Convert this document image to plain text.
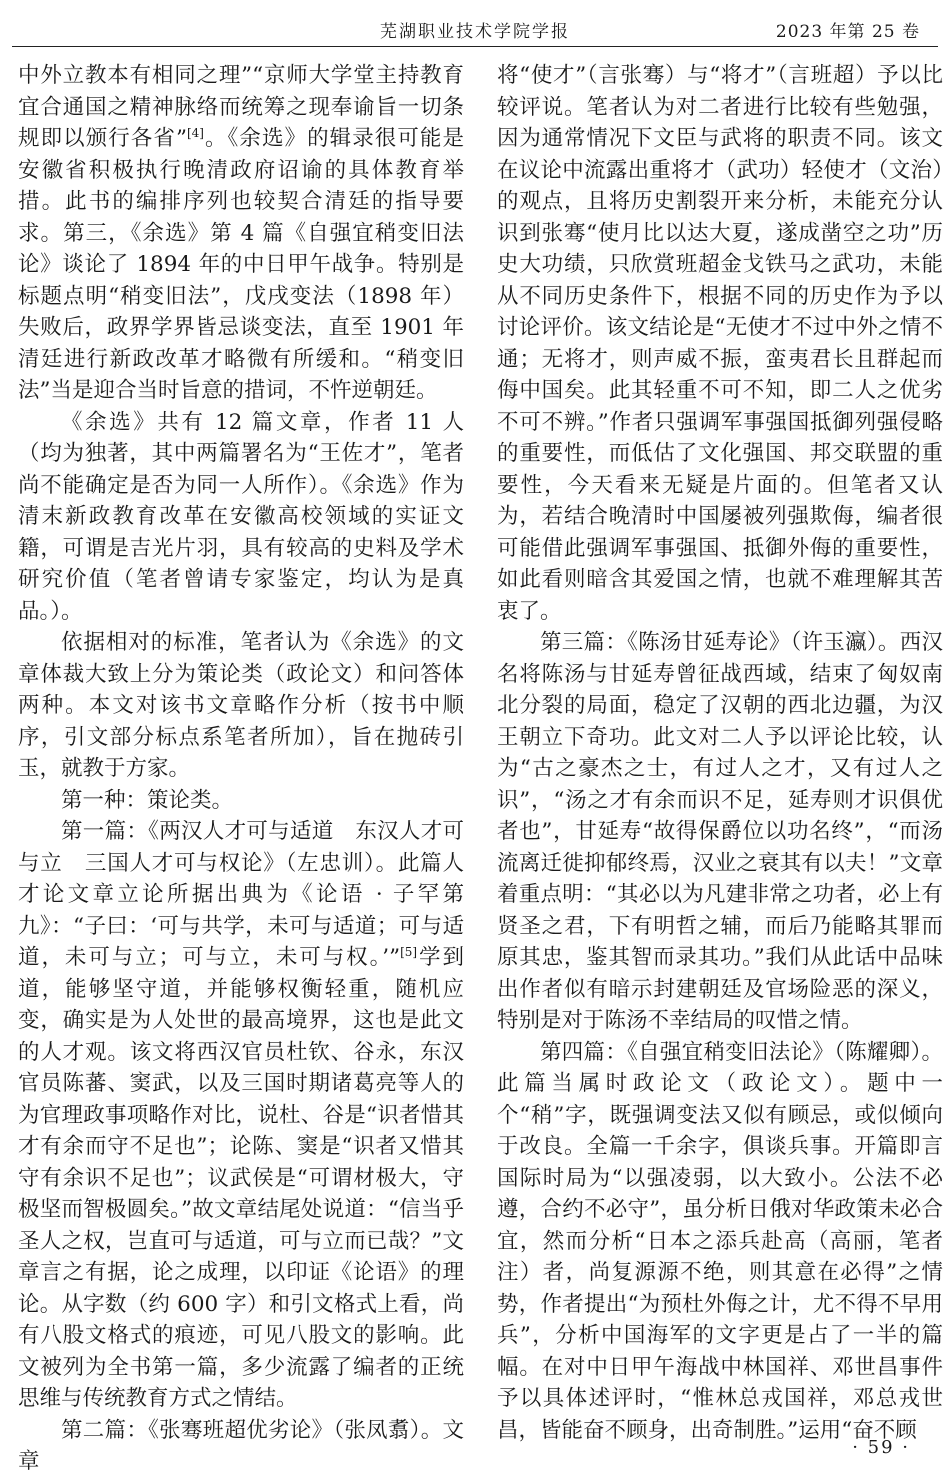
芜湖职业技术学院学报	2023 年第 25 卷

中外立教本有相同之理”“京师大学堂主持教育宜合通国之精神脉络而统筹之现奉谕旨一切条规即以颁行各省”[4]。《余选》的辑录很可能是安徽省积极执行晚清政府诏谕的具体教育举措。此书的编排序列也较契合清廷的指导要求。第三，《余选》第 4 篇《自强宜稍变旧法论》谈论了 1894 年的中日甲午战争。特别是标题点明“稍变旧法”，戊戌变法（1898 年）失败后，政界学界皆忌谈变法，直至 1901 年清廷进行新政改革才略微有所缓和。“稍变旧法”当是迎合当时旨意的措词，不忤逆朝廷。

《余选》共有 12 篇文章，作者 11 人（均为独著，其中两篇署名为“王佐才”，笔者尚不能确定是否为同一人所作）。《余选》作为清末新政教育改革在安徽高校领域的实证文籍，可谓是吉光片羽，具有较高的史料及学术研究价值（笔者曾请专家鉴定，均认为是真品。）。

依据相对的标准，笔者认为《余选》的文章体裁大致上分为策论类（政论文）和问答体两种。本文对该书文章略作分析（按书中顺序，引文部分标点系笔者所加），旨在抛砖引玉，就教于方家。

第一种：策论类。

第一篇：《两汉人才可与适道　东汉人才可与立　三国人才可与权论》（左忠训）。此篇人才论文章立论所据出典为《论语 · 子罕第九》：“子曰：‘可与共学，未可与适道；可与适道，未可与立；可与立，未可与权。’”[5]学到道，能够坚守道，并能够权衡轻重，随机应变，确实是为人处世的最高境界，这也是此文的人才观。该文将西汉官员杜钦、谷永，东汉官员陈蕃、窦武，以及三国时期诸葛亮等人的为官理政事项略作对比，说杜、谷是“识者惜其才有余而守不足也”；论陈、窦是“识者又惜其守有余识不足也”；议武侯是“可谓材极大，守极坚而智极圆矣。”故文章结尾处说道：“信当乎圣人之权，岂直可与适道，可与立而已哉？”文章言之有据，论之成理，以印证《论语》的理论。从字数（约 600 字）和引文格式上看，尚有八股文格式的痕迹，可见八股文的影响。此文被列为全书第一篇，多少流露了编者的正统思维与传统教育方式之情结。

第二篇：《张骞班超优劣论》（张凤翥）。文章

将“使才”（言张骞）与“将才”（言班超）予以比较评说。笔者认为对二者进行比较有些勉强，因为通常情况下文臣与武将的职责不同。该文在议论中流露出重将才（武功）轻使才（文治）的观点，且将历史割裂开来分析，未能充分认识到张骞“使月比以达大夏，遂成凿空之功”历史大功绩，只欣赏班超金戈铁马之武功，未能从不同历史条件下，根据不同的历史作为予以讨论评价。该文结论是“无使才不过中外之情不通；无将才，则声威不振，蛮夷君长且群起而侮中国矣。此其轻重不可不知，即二人之优劣不可不辨。”作者只强调军事强国抵御列强侵略的重要性，而低估了文化强国、邦交联盟的重要性，今天看来无疑是片面的。但笔者又认为，若结合晚清时中国屡被列强欺侮，编者很可能借此强调军事强国、抵御外侮的重要性，如此看则暗含其爱国之情，也就不难理解其苦衷了。

第三篇：《陈汤甘延寿论》（许玉瀛）。西汉名将陈汤与甘延寿曾征战西域，结束了匈奴南北分裂的局面，稳定了汉朝的西北边疆，为汉王朝立下奇功。此文对二人予以评论比较，认为“古之豪杰之士，有过人之才，又有过人之识”，“汤之才有余而识不足，延寿则才识俱优者也”，甘延寿“故得保爵位以功名终”，“而汤流离迁徙抑郁终焉，汉业之衰其有以夫！”文章着重点明：“其必以为凡建非常之功者，必上有贤圣之君，下有明哲之辅，而后乃能略其罪而原其忠，鉴其智而录其功。”我们从此话中品味出作者似有暗示封建朝廷及官场险恶的深义，特别是对于陈汤不幸结局的叹惜之情。

第四篇：《自强宜稍变旧法论》（陈耀卿）。此篇当属时政论文（政论文）。题中一个“稍”字，既强调变法又似有顾忌，或似倾向于改良。全篇一千余字，俱谈兵事。开篇即言国际时局为“以强凌弱，以大致小。公法不必遵，合约不必守”，虽分析日俄对华政策未必合宜，然而分析“日本之添兵赴高（高丽，笔者注）者，尚复源源不绝，则其意在必得”之情势，作者提出“为预杜外侮之计，尤不得不早用兵”，分析中国海军的文字更是占了一半的篇幅。在对中日甲午海战中林国祥、邓世昌事件予以具体述评时，“惟林总戎国祥，邓总戎世昌，皆能奋不顾身，出奇制胜。”运用“奋不顾

· 59 ·
